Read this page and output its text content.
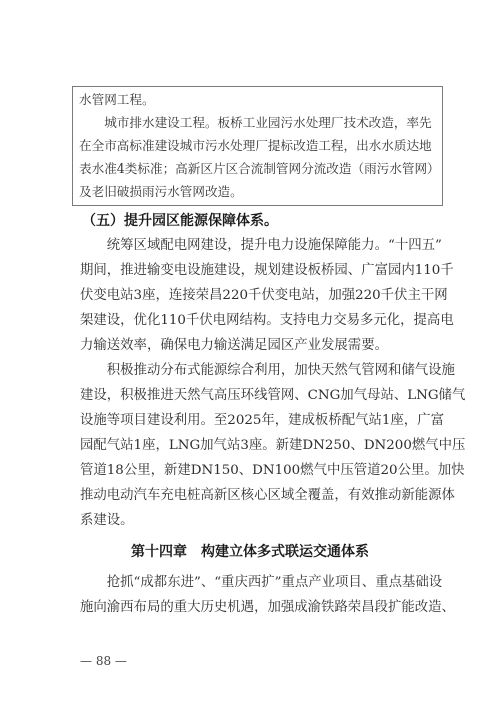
水管网工程。
　　城市排水建设工程。板桥工业园污水处理厂技术改造，率先
在全市高标准建设城市污水处理厂提标改造工程，出水水质达地
表水准4类标准；高新区片区合流制管网分流改造（雨污水管网）
及老旧破损雨污水管网改造。
（五）提升园区能源保障体系。
　　统筹区域配电网建设，提升电力设施保障能力。“十四五”
期间，推进输变电设施建设，规划建设板桥园、广富园内110千
伏变电站3座，连接荣昌220千伏变电站，加强220千伏主干网
架建设，优化110千伏电网结构。支持电力交易多元化，提高电
力输送效率，确保电力输送满足园区产业发展需要。
　　积极推动分布式能源综合利用，加快天然气管网和储气设施
建设，积极推进天然气高压环线管网、CNG加气母站、LNG储气
设施等项目建设利用。至2025年，建成板桥配气站1座，广富
园配气站1座，LNG加气站3座。新建DN250、DN200燃气中压
管道18公里，新建DN150、DN100燃气中压管道20公里。加快
推动电动汽车充电桩高新区核心区域全覆盖，有效推动新能源体
系建设。
第十四章　构建立体多式联运交通体系
　　抢抓“成都东进”、“重庆西扩”重点产业项目、重点基础设
施向渝西布局的重大历史机遇，加强成渝铁路荣昌段扩能改造、
— 88 —
